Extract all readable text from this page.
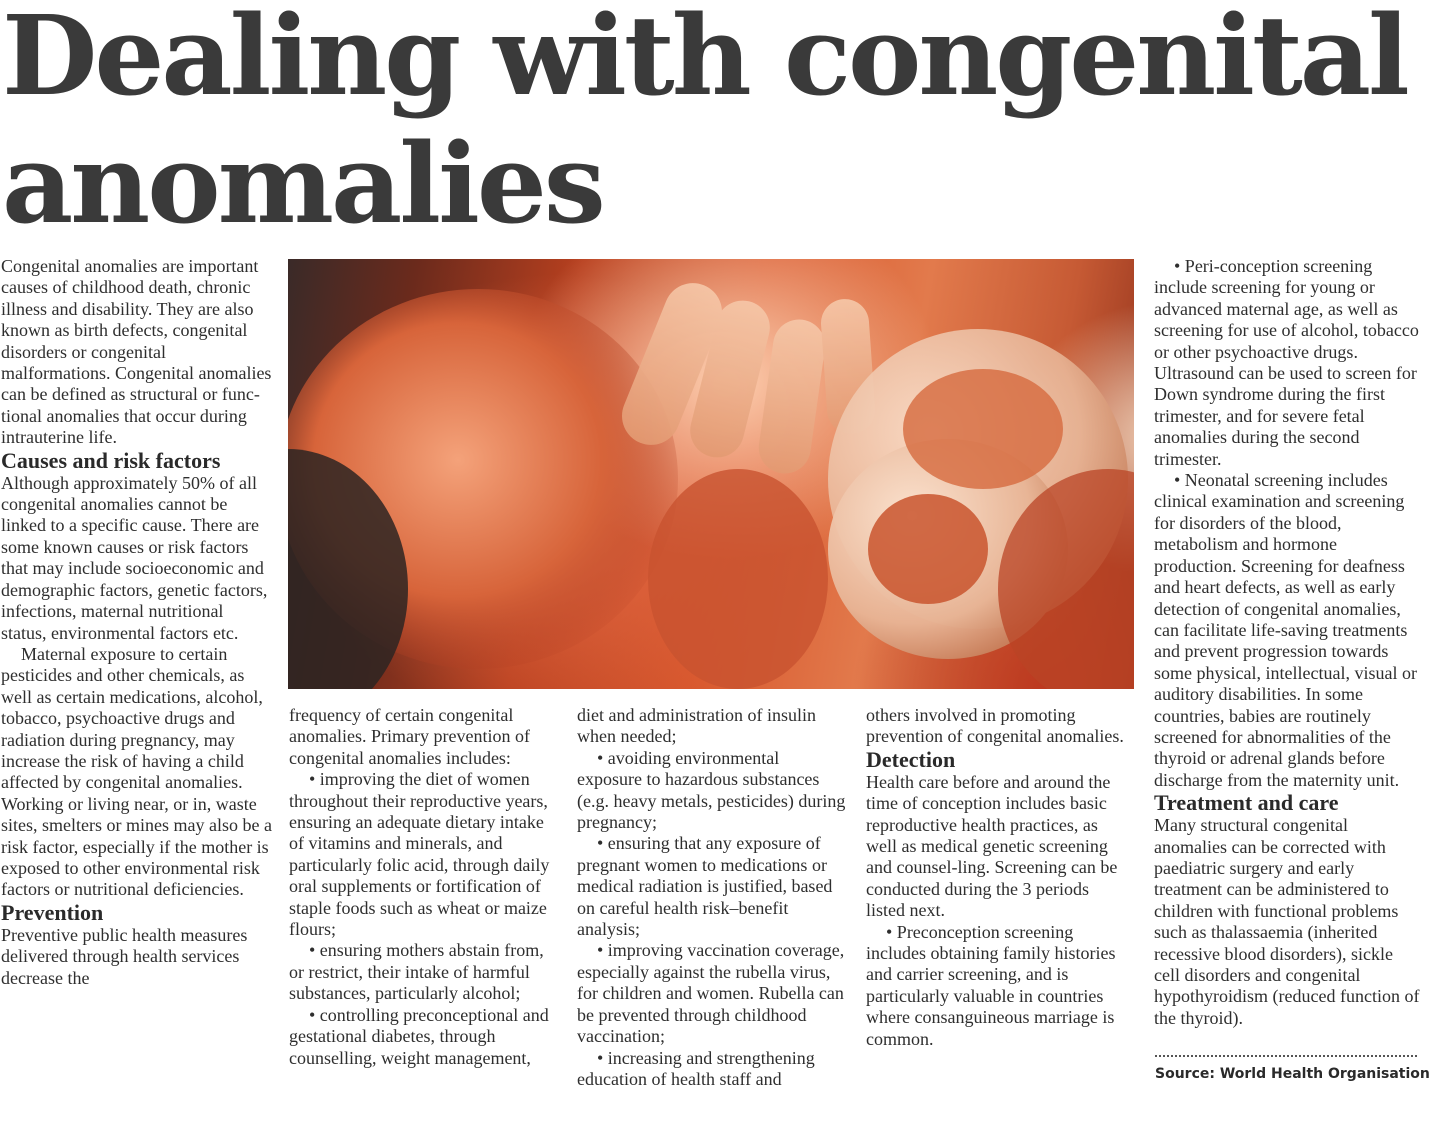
Dealing with congenital
anomalies

Congenital anomalies are important causes of childhood death, chronic illness and disability. They are also known as birth defects, congenital disorders or congenital malformations. Congenital anomalies can be defined as structural or func-tional anomalies that occur during intrauterine life.

Causes and risk factors

Although approximately 50% of all congenital anomalies cannot be linked to a specific cause. There are some known causes or risk factors that may include socioeconomic and demographic factors, genetic factors, infections, maternal nutritional status, environmental factors etc.

Maternal exposure to certain pesticides and other chemicals, as well as certain medications, alcohol, tobacco, psychoactive drugs and radiation during pregnancy, may increase the risk of having a child affected by congenital anomalies. Working or living near, or in, waste sites, smelters or mines may also be a risk factor, especially if the mother is exposed to other environmental risk factors or nutritional deficiencies.

Prevention

Preventive public health measures delivered through health services decrease the

frequency of certain congenital anomalies. Primary prevention of congenital anomalies includes:

• improving the diet of women throughout their reproductive years, ensuring an adequate dietary intake of vitamins and minerals, and particularly folic acid, through daily oral supplements or fortification of staple foods such as wheat or maize flours;

• ensuring mothers abstain from, or restrict, their intake of harmful substances, particularly alcohol;

• controlling preconceptional and gestational diabetes, through counselling, weight management,

diet and administration of insulin when needed;

• avoiding environmental exposure to hazardous substances (e.g. heavy metals, pesticides) during pregnancy;

• ensuring that any exposure of pregnant women to medications or medical radiation is justified, based on careful health risk–benefit analysis;

• improving vaccination coverage, especially against the rubella virus, for children and women. Rubella can be prevented through childhood vaccination;

• increasing and strengthening education of health staff and

others involved in promoting prevention of congenital anomalies.

Detection

Health care before and around the time of conception includes basic reproductive health practices, as well as medical genetic screening and counsel-ling. Screening can be conducted during the 3 periods listed next.

• Preconception screening includes obtaining family histories and carrier screening, and is particularly valuable in countries where consanguineous marriage is common.

• Peri-conception screening include screening for young or advanced maternal age, as well as screening for use of alcohol, tobacco or other psychoactive drugs. Ultrasound can be used to screen for Down syndrome during the first trimester, and for severe fetal anomalies during the second trimester.

• Neonatal screening includes clinical examination and screening for disorders of the blood, metabolism and hormone production. Screening for deafness and heart defects, as well as early detection of congenital anomalies, can facilitate life-saving treatments and prevent progression towards some physical, intellectual, visual or auditory disabilities. In some countries, babies are routinely screened for abnormalities of the thyroid or adrenal glands before discharge from the maternity unit.

Treatment and care

Many structural congenital anomalies can be corrected with paediatric surgery and early treatment can be administered to children with functional problems such as thalassaemia (inherited recessive blood disorders), sickle cell disorders and congenital hypothyroidism (reduced function of the thyroid).

Source: World Health Organisation
